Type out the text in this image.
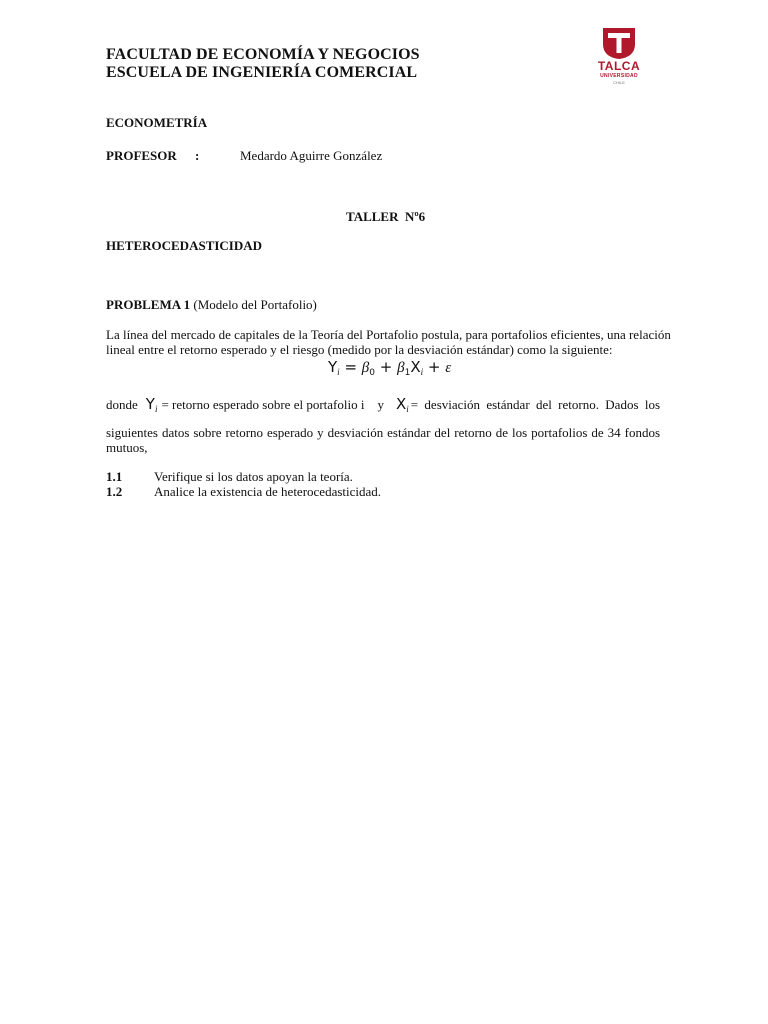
FACULTAD DE ECONOMÍA Y NEGOCIOS
ESCUELA DE INGENIERÍA COMERCIAL	TALCA
UNIVERSIDAD
CHILE
ECONOMETRÍA
PROFESOR :	Medardo Aguirre González
TALLER  Nº6
HETEROCEDASTICIDAD
PROBLEMA 1 (Modelo del Portafolio)
La línea del mercado de capitales de la Teoría del Portafolio postula, para portafolios eficientes, una relación
lineal entre el retorno esperado y el riesgo (medido por la desviación estándar) como la siguiente:
$Y_i = \beta_0 + \beta_1X_i + \varepsilon$
donde $Y_i$ = retorno esperado sobre el portafolio i    y $X_i$ = desviación estándar del retorno. Dados los
siguientes datos sobre retorno esperado y desviación estándar del retorno de los portafolios de 34 fondos mutuos,
1.1 Verifique si los datos apoyan la teoría.
1.2 Analice la existencia de heterocedasticidad.
